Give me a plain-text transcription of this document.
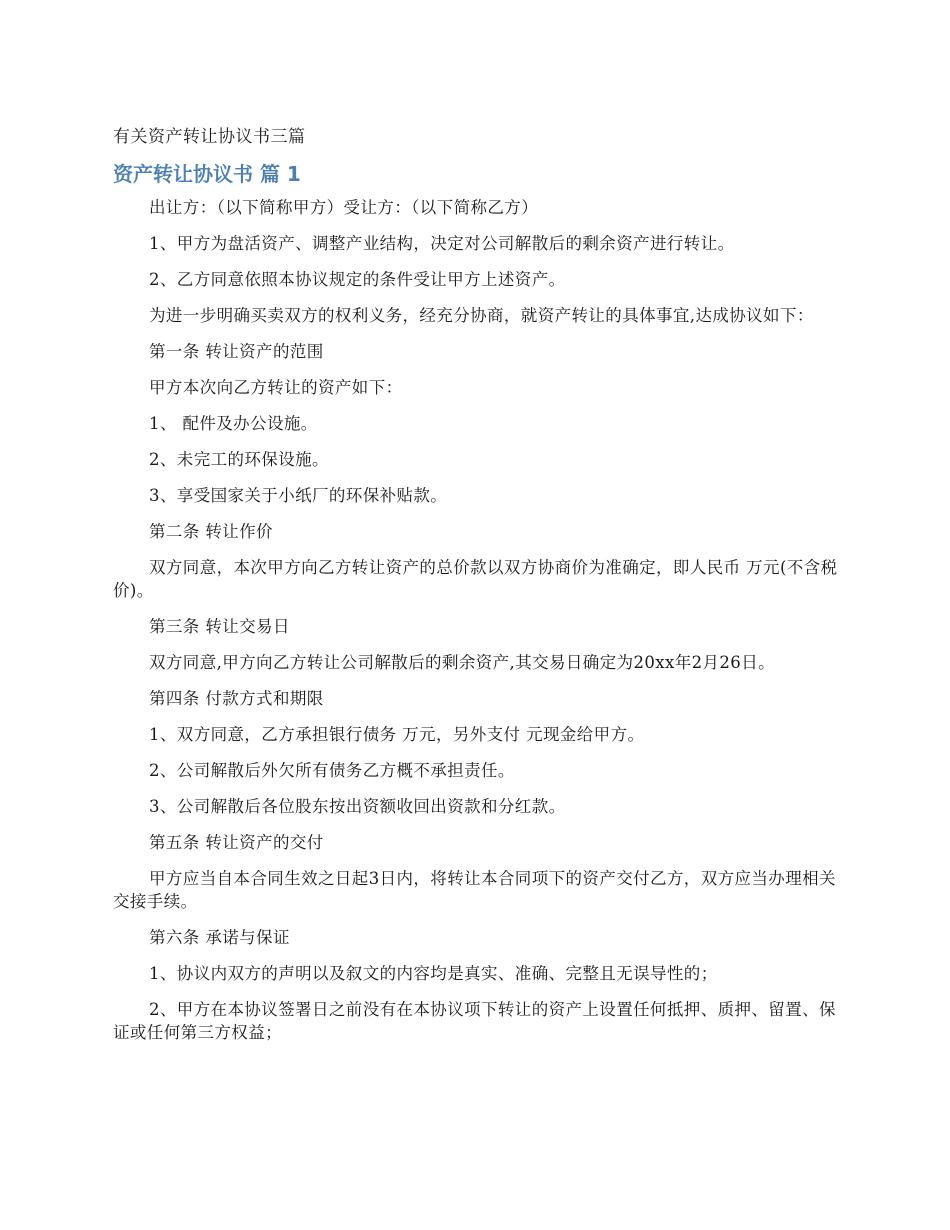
有关资产转让协议书三篇
资产转让协议书 篇 1

出让方：（以下简称甲方）受让方：（以下简称乙方）

1、甲方为盘活资产、调整产业结构，决定对公司解散后的剩余资产进行转让。

2、乙方同意依照本协议规定的条件受让甲方上述资产。

为进一步明确买卖双方的权利义务，经充分协商，就资产转让的具体事宜,达成协议如下：

第一条 转让资产的范围

甲方本次向乙方转让的资产如下：

1、 配件及办公设施。

2、未完工的环保设施。

3、享受国家关于小纸厂的环保补贴款。

第二条 转让作价

双方同意，本次甲方向乙方转让资产的总价款以双方协商价为准确定，即人民币 万元(不含税价)。

第三条 转让交易日

双方同意,甲方向乙方转让公司解散后的剩余资产,其交易日确定为20xx年2月26日。

第四条 付款方式和期限

1、双方同意，乙方承担银行债务 万元，另外支付 元现金给甲方。

2、公司解散后外欠所有债务乙方概不承担责任。

3、公司解散后各位股东按出资额收回出资款和分红款。

第五条 转让资产的交付

甲方应当自本合同生效之日起3日内，将转让本合同项下的资产交付乙方，双方应当办理相关交接手续。

第六条 承诺与保证

1、协议内双方的声明以及叙文的内容均是真实、准确、完整且无误导性的；

2、甲方在本协议签署日之前没有在本协议项下转让的资产上设置任何抵押、质押、留置、保证或任何第三方权益；
